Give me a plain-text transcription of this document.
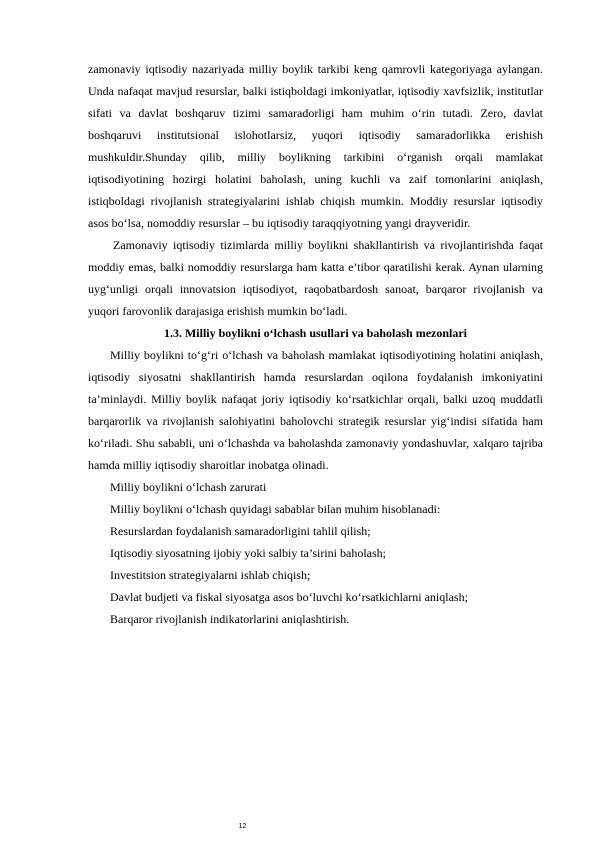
zamonaviy iqtisodiy nazariyada milliy boylik tarkibi keng qamrovli kategoriyaga aylangan. Unda nafaqat mavjud resurslar, balki istiqboldagi imkoniyatlar, iqtisodiy xavfsizlik, institutlar sifati va davlat boshqaruv tizimi samaradorligi ham muhim o‘rin tutadi. Zero, davlat boshqaruvi institutsional islohotlarsiz, yuqori iqtisodiy samaradorlikka erishish mushkuldir.Shunday qilib, milliy boylikning tarkibini o‘rganish orqali mamlakat iqtisodiyotining hozirgi holatini baholash, uning kuchli va zaif tomonlarini aniqlash, istiqboldagi rivojlanish strategiyalarini ishlab chiqish mumkin. Moddiy resurslar iqtisodiy asos bo‘lsa, nomoddiy resurslar – bu iqtisodiy taraqqiyotning yangi drayveridir.

Zamonaviy iqtisodiy tizimlarda milliy boylikni shakllantirish va rivojlantirishda faqat moddiy emas, balki nomoddiy resurslarga ham katta e’tibor qaratilishi kerak. Aynan ularning uyg‘unligi orqali innovatsion iqtisodiyot, raqobatbardosh sanoat, barqaror rivojlanish va yuqori farovonlik darajasiga erishish mumkin bo‘ladi.

1.3. Milliy boylikni o‘lchash usullari va baholash mezonlari

Milliy boylikni to‘g‘ri o‘lchash va baholash mamlakat iqtisodiyotining holatini aniqlash, iqtisodiy siyosatni shakllantirish hamda resurslardan oqilona foydalanish imkoniyatini ta’minlaydi. Milliy boylik nafaqat joriy iqtisodiy ko‘rsatkichlar orqali, balki uzoq muddatli barqarorlik va rivojlanish salohiyatini baholovchi strategik resurslar yig‘indisi sifatida ham ko‘riladi. Shu sababli, uni o‘lchashda va baholashda zamonaviy yondashuvlar, xalqaro tajriba hamda milliy iqtisodiy sharoitlar inobatga olinadi.

Milliy boylikni o‘lchash zarurati

Milliy boylikni o‘lchash quyidagi sabablar bilan muhim hisoblanadi:

Resurslardan foydalanish samaradorligini tahlil qilish;

Iqtisodiy siyosatning ijobiy yoki salbiy ta’sirini baholash;

Investitsion strategiyalarni ishlab chiqish;

Davlat budjeti va fiskal siyosatga asos bo‘luvchi ko‘rsatkichlarni aniqlash;

Barqaror rivojlanish indikatorlarini aniqlashtirish.

12
